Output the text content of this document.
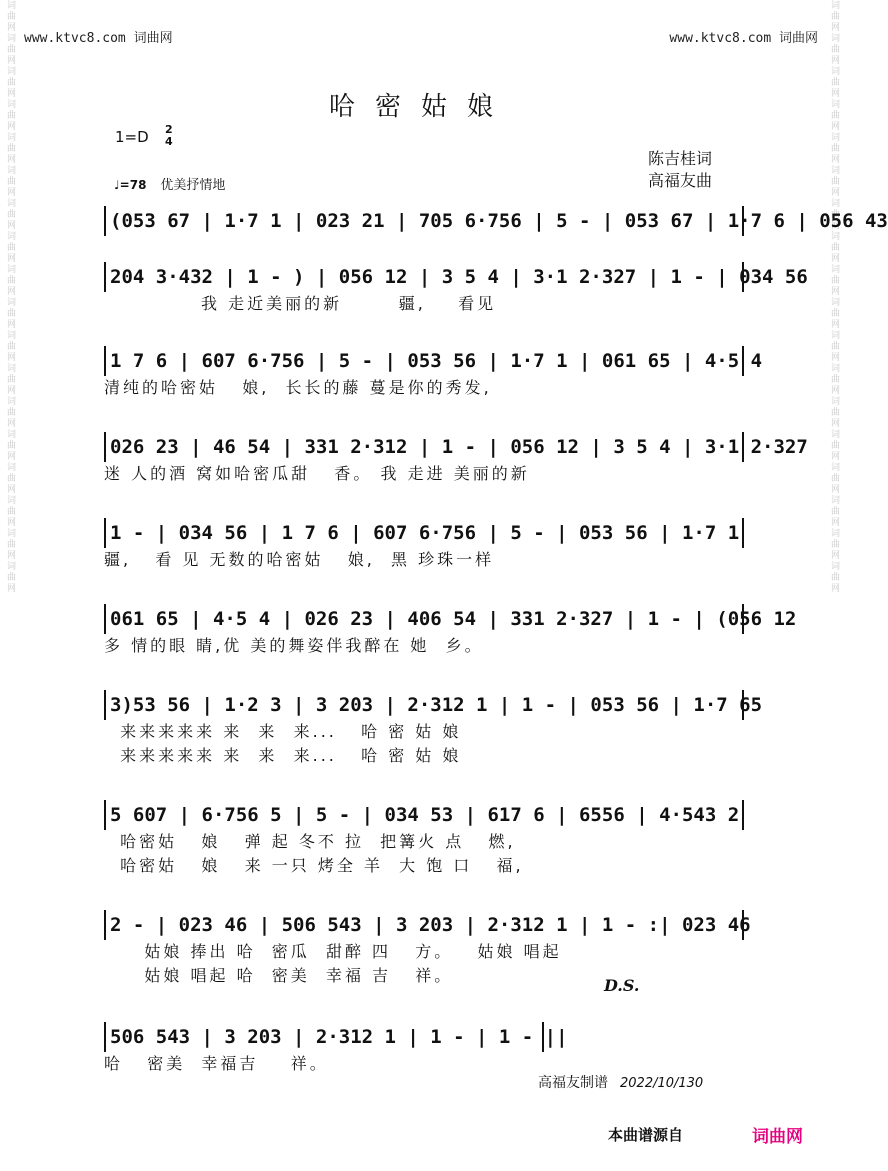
词曲网词曲网词曲网词曲网词曲网词曲网词曲网词曲网词曲网词曲网词曲网词曲网词曲网词曲网词曲网词曲网词曲网词曲网	词曲网词曲网词曲网词曲网词曲网词曲网词曲网词曲网词曲网词曲网词曲网词曲网词曲网词曲网词曲网词曲网词曲网词曲网
www.ktvc8.com 词曲网	www.ktvc8.com 词曲网
哈密姑娘
1=D 2
4
陈吉桂词
高福友曲
♩=78 优美抒情地
(053 67 | 1·7 1 | 023 21 | 705 6·756 | 5 - | 053 67 | 1·7 6 | 056 43
204 3·432 | 1 - ) | 056 12 | 3 5 4 | 3·1 2·327 | 1 - | 034 56
我 走近美丽的新       疆,    看见
1 7 6 | 607 6·756 | 5 - | 053 56 | 1·7 1 | 061 65 | 4·5 4
清纯的哈密姑   娘,  长长的藤 蔓是你的秀发,
026 23 | 46 54 | 331 2·312 | 1 - | 056 12 | 3 5 4 | 3·1 2·327
迷 人的酒 窝如哈密瓜甜   香。 我 走进 美丽的新
1 - | 034 56 | 1 7 6 | 607 6·756 | 5 - | 053 56 | 1·7 1
疆,   看 见 无数的哈密姑   娘,  黑 珍珠一样
061 65 | 4·5 4 | 026 23 | 406 54 | 331 2·327 | 1 - | (056 12
多 情的眼 睛,优 美的舞姿伴我醉在 她  乡。
3)53 56 | 1·2 3 | 3 203 | 2·312 1 | 1 - | 053 56 | 1·7 65
来来来来来 来  来  来...   哈 密 姑 娘
来来来来来 来  来  来...   哈 密 姑 娘
5 607 | 6·756 5 | 5 - | 034 53 | 617 6 | 6556 | 4·543 2
哈密姑   娘   弹 起 冬不 拉  把篝火 点   燃,
哈密姑   娘   来 一只 烤全 羊  大 饱 口   福,
2 - | 023 46 | 506 543 | 3 203 | 2·312 1 | 1 - :| 023 46
姑娘 捧出 哈  密瓜  甜醉 四   方。   姑娘 唱起
姑娘 唱起 哈  密美  幸福 吉   祥。
506 543 | 3 203 | 2·312 1 | 1 - | 1 - ||
哈   密美  幸福吉    祥。
D.S.
高福友制谱 2022/10/130
本曲谱源自	词曲网
